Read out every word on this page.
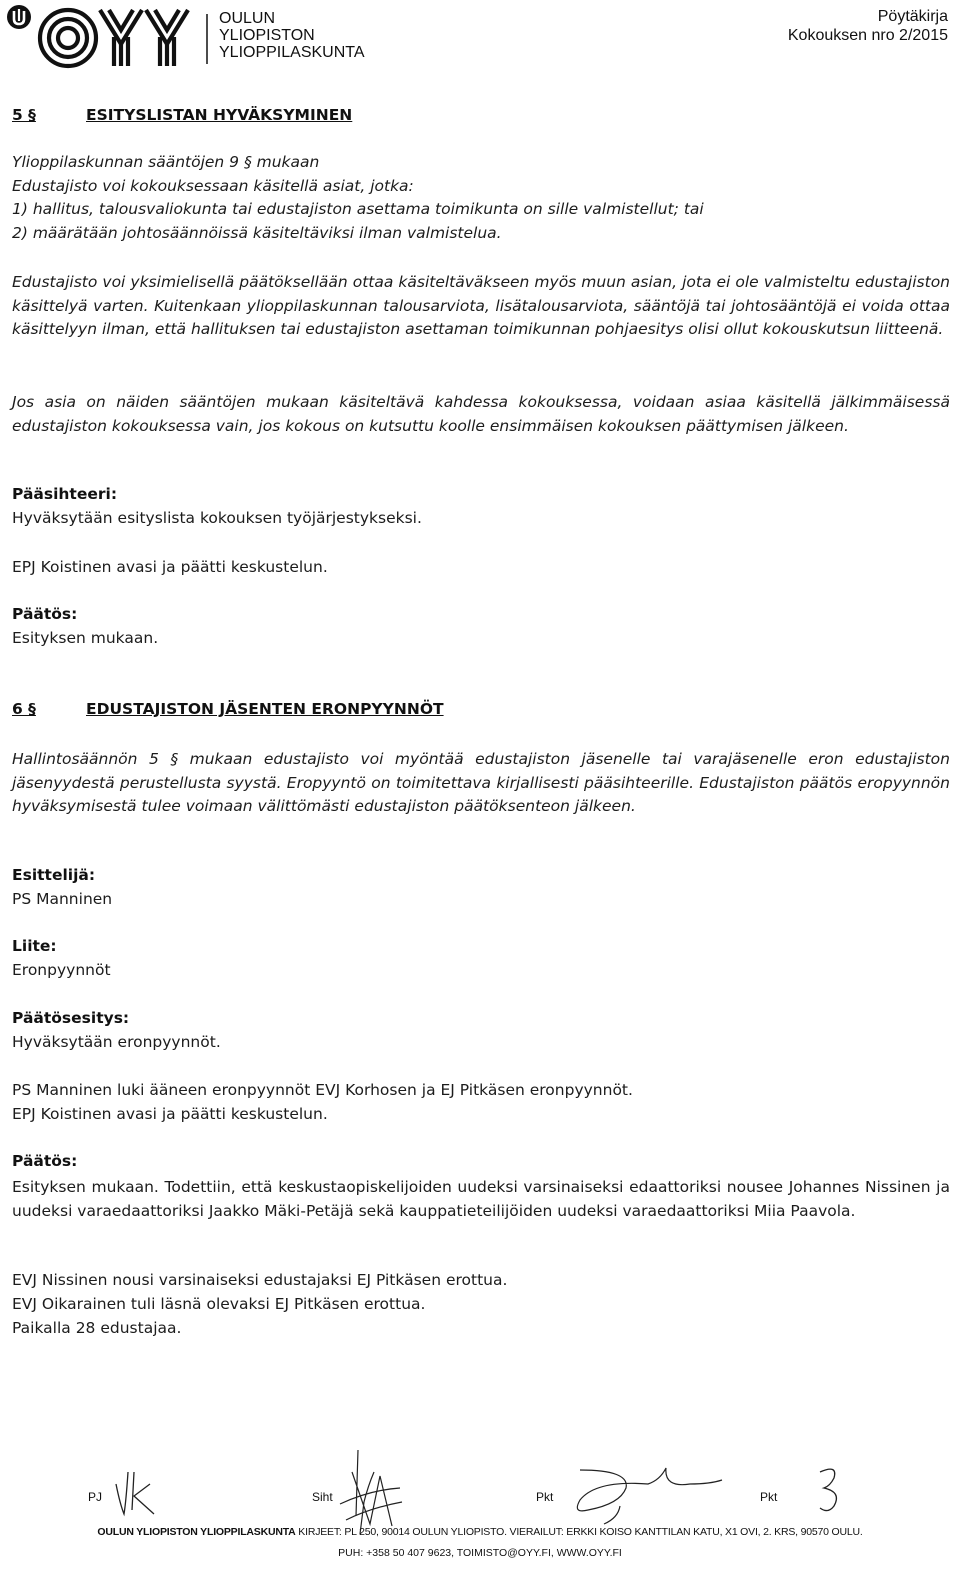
OULUN
YLIOPISTON
YLIOPPILASKUNTA
Pöytäkirja
Kokouksen nro 2/2015
5 §	ESITYSLISTAN HYVÄKSYMINEN
Ylioppilaskunnan sääntöjen 9 § mukaan
Edustajisto voi kokouksessaan käsitellä asiat, jotka:
1) hallitus, talousvaliokunta tai edustajiston asettama toimikunta on sille valmistellut; tai
2) määrätään johtosäännöissä käsiteltäviksi ilman valmistelua.

Edustajisto voi yksimielisellä päätöksellään ottaa käsiteltäväkseen myös muun asian, jota ei ole valmisteltu edustajiston käsittelyä varten. Kuitenkaan ylioppilaskunnan talousarviota, lisätalousarviota, sääntöjä tai johtosääntöjä ei voida ottaa käsittelyyn ilman, että hallituksen tai edustajiston asettaman toimikunnan pohjaesitys olisi ollut kokouskutsun liitteenä.

Jos asia on näiden sääntöjen mukaan käsiteltävä kahdessa kokouksessa, voidaan asiaa käsitellä jälkimmäisessä edustajiston kokouksessa vain, jos kokous on kutsuttu koolle ensimmäisen kokouksen päättymisen jälkeen.

Pääsihteeri:
Hyväksytään esityslista kokouksen työjärjestykseksi.
EPJ Koistinen avasi ja päätti keskustelun.
Päätös:
Esityksen mukaan.
6 §	EDUSTAJISTON JÄSENTEN ERONPYYNNÖT

Hallintosäännön 5 § mukaan edustajisto voi myöntää edustajiston jäsenelle tai varajäsenelle eron edustajiston jäsenyydestä perustellusta syystä. Eropyyntö on toimitettava kirjallisesti pääsihteerille. Edustajiston päätös eropyynnön hyväksymisestä tulee voimaan välittömästi edustajiston päätöksenteon jälkeen.

Esittelijä:
PS Manninen
Liite:
Eronpyynnöt
Päätösesitys:
Hyväksytään eronpyynnöt.
PS Manninen luki ääneen eronpyynnöt EVJ Korhosen ja EJ Pitkäsen eronpyynnöt.
EPJ Koistinen avasi ja päätti keskustelun.
Päätös:

Esityksen mukaan. Todettiin, että keskustaopiskelijoiden uudeksi varsinaiseksi edaattoriksi nousee Johannes Nissinen ja uudeksi varaedaattoriksi Jaakko Mäki-Petäjä sekä kauppatieteilijöiden uudeksi varaedaattoriksi Miia Paavola.

EVJ Nissinen nousi varsinaiseksi edustajaksi EJ Pitkäsen erottua.
EVJ Oikarainen tuli läsnä olevaksi EJ Pitkäsen erottua.
Paikalla 28 edustajaa.
PJ	Siht	Pkt	Pkt
OULUN YLIOPISTON YLIOPPILASKUNTA KIRJEET: PL 250, 90014 OULUN YLIOPISTO. VIERAILUT: ERKKI KOISO KANTTILAN KATU, X1 OVI, 2. KRS, 90570 OULU.
PUH: +358 50 407 9623, TOIMISTO@OYY.FI, WWW.OYY.FI
